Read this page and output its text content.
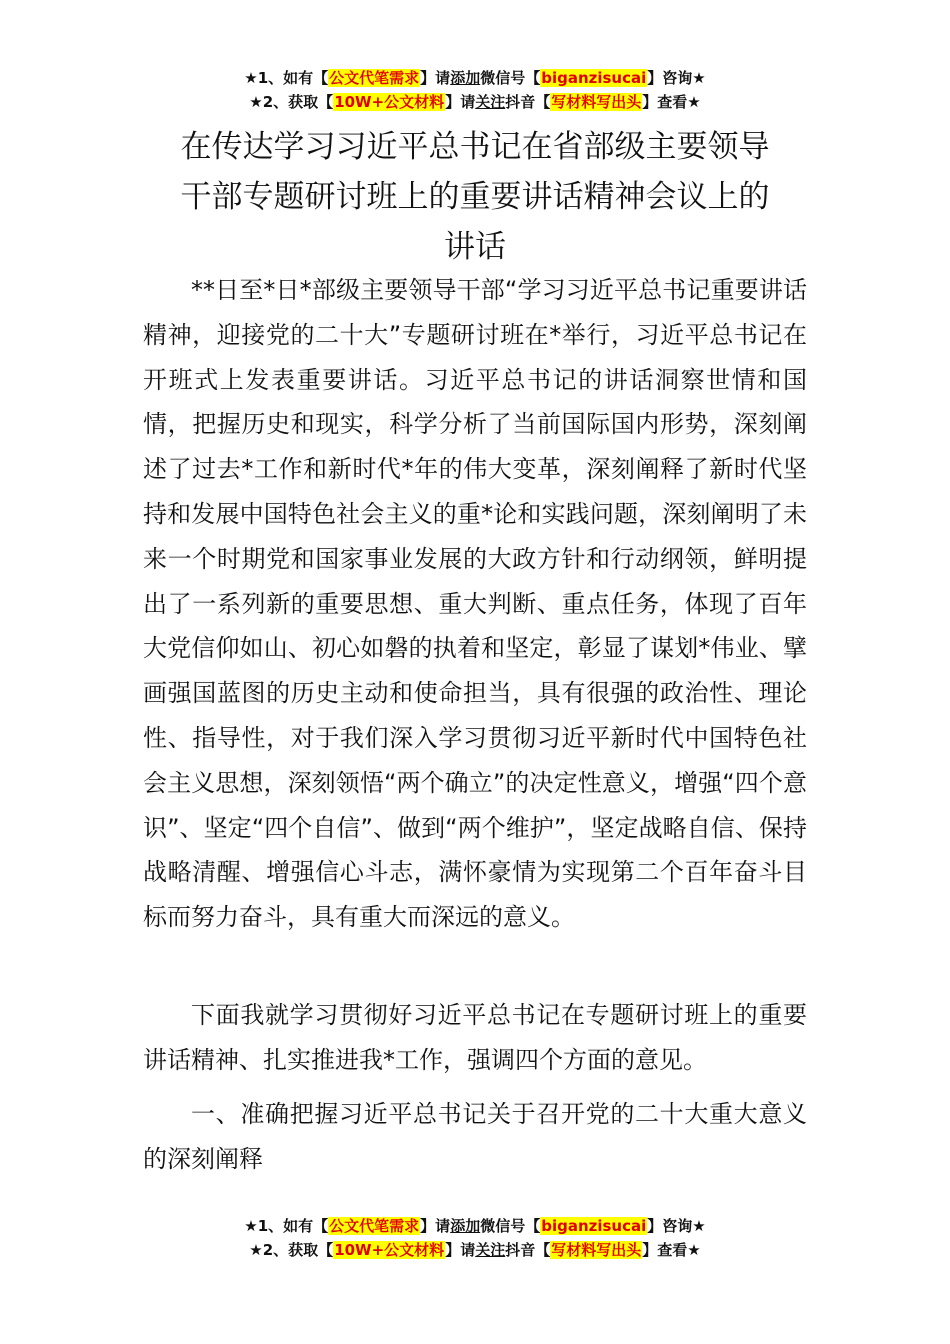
★1、如有【公文代笔需求】请添加微信号【biganzisucai】咨询★
★2、获取【10W+公文材料】请关注抖音【写材料写出头】查看★
在传达学习习近平总书记在省部级主要领导
干部专题研讨班上的重要讲话精神会议上的
讲话

**日至*日*部级主要领导干部“学习习近平总书记重要讲话精神，迎接党的二十大”专题研讨班在*举行，习近平总书记在开班式上发表重要讲话。习近平总书记的讲话洞察世情和国情，把握历史和现实，科学分析了当前国际国内形势，深刻阐述了过去*工作和新时代*年的伟大变革，深刻阐释了新时代坚持和发展中国特色社会主义的重*论和实践问题，深刻阐明了未来一个时期党和国家事业发展的大政方针和行动纲领，鲜明提出了一系列新的重要思想、重大判断、重点任务，体现了百年大党信仰如山、初心如磐的执着和坚定，彰显了谋划*伟业、擘画强国蓝图的历史主动和使命担当，具有很强的政治性、理论性、指导性，对于我们深入学习贯彻习近平新时代中国特色社会主义思想，深刻领悟“两个确立”的决定性意义，增强“四个意识”、坚定“四个自信”、做到“两个维护”，坚定战略自信、保持战略清醒、增强信心斗志，满怀豪情为实现第二个百年奋斗目标而努力奋斗，具有重大而深远的意义。

下面我就学习贯彻好习近平总书记在专题研讨班上的重要讲话精神、扎实推进我*工作，强调四个方面的意见。

一、准确把握习近平总书记关于召开党的二十大重大意义的深刻阐释

★1、如有【公文代笔需求】请添加微信号【biganzisucai】咨询★
★2、获取【10W+公文材料】请关注抖音【写材料写出头】查看★
